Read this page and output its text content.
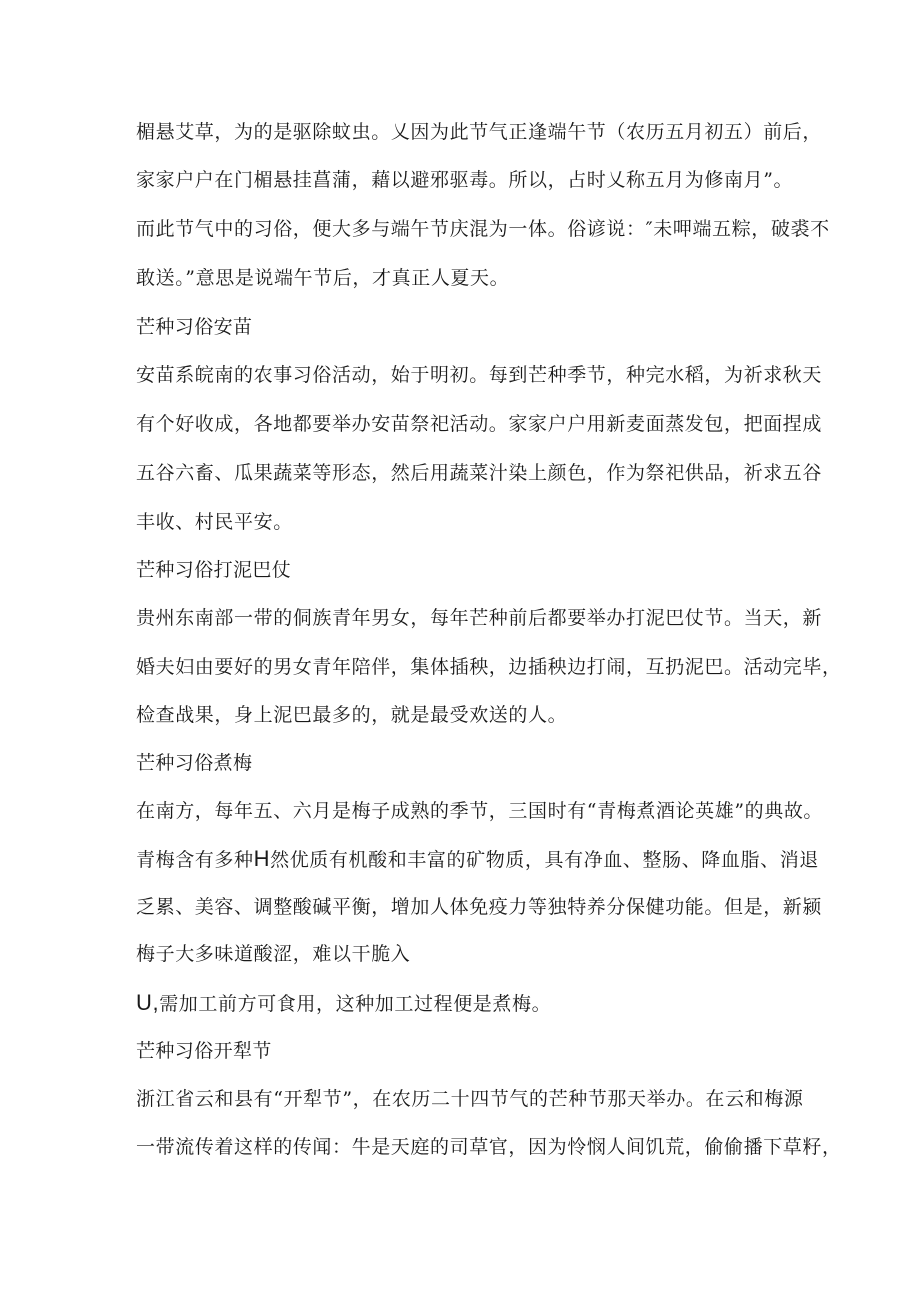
楣悬艾草，为的是驱除蚊虫。乂因为此节气正逢端午节（农历五月初五）前后，
家家户户在门楣悬挂菖蒲，藉以避邪驱毒。所以，占时乂称五月为修南月”。
而此节气中的习俗，便大多与端午节庆混为一体。俗谚说：″未呷端五粽，破裘不
敢送。”意思是说端午节后，才真正人夏天。
芒种习俗安苗
安苗系皖南的农事习俗活动，始于明初。每到芒种季节，种完水稻，为祈求秋天
有个好收成，各地都要举办安苗祭祀活动。家家户户用新麦面蒸发包，把面捏成
五谷六畜、瓜果蔬菜等形态，然后用蔬菜汁染上颜色，作为祭祀供品，祈求五谷
丰收、村民平安。
芒种习俗打泥巴仗
贵州东南部一带的侗族青年男女，每年芒种前后都要举办打泥巴仗节。当天，新
婚夫妇由要好的男女青年陪伴，集体插秧，边插秧边打闹，互扔泥巴。活动完毕，
检查战果，身上泥巴最多的，就是最受欢送的人。
芒种习俗煮梅
在南方，每年五、六月是梅子成熟的季节，三国时有“青梅煮酒论英雄”的典故。
青梅含有多种H然优质有机酸和丰富的矿物质，具有净血、整肠、降血脂、消退
乏累、美容、调整酸碱平衡，增加人体免疫力等独特养分保健功能。但是，新颍
梅子大多味道酸涩，难以干脆入
U,需加工前方可食用，这种加工过程便是煮梅。
芒种习俗开犁节
浙江省云和县有“开犁节”，在农历二十四节气的芒种节那天举办。在云和梅源
一带流传着这样的传闻：牛是天庭的司草官，因为怜悯人间饥荒，偷偷播下草籽，
